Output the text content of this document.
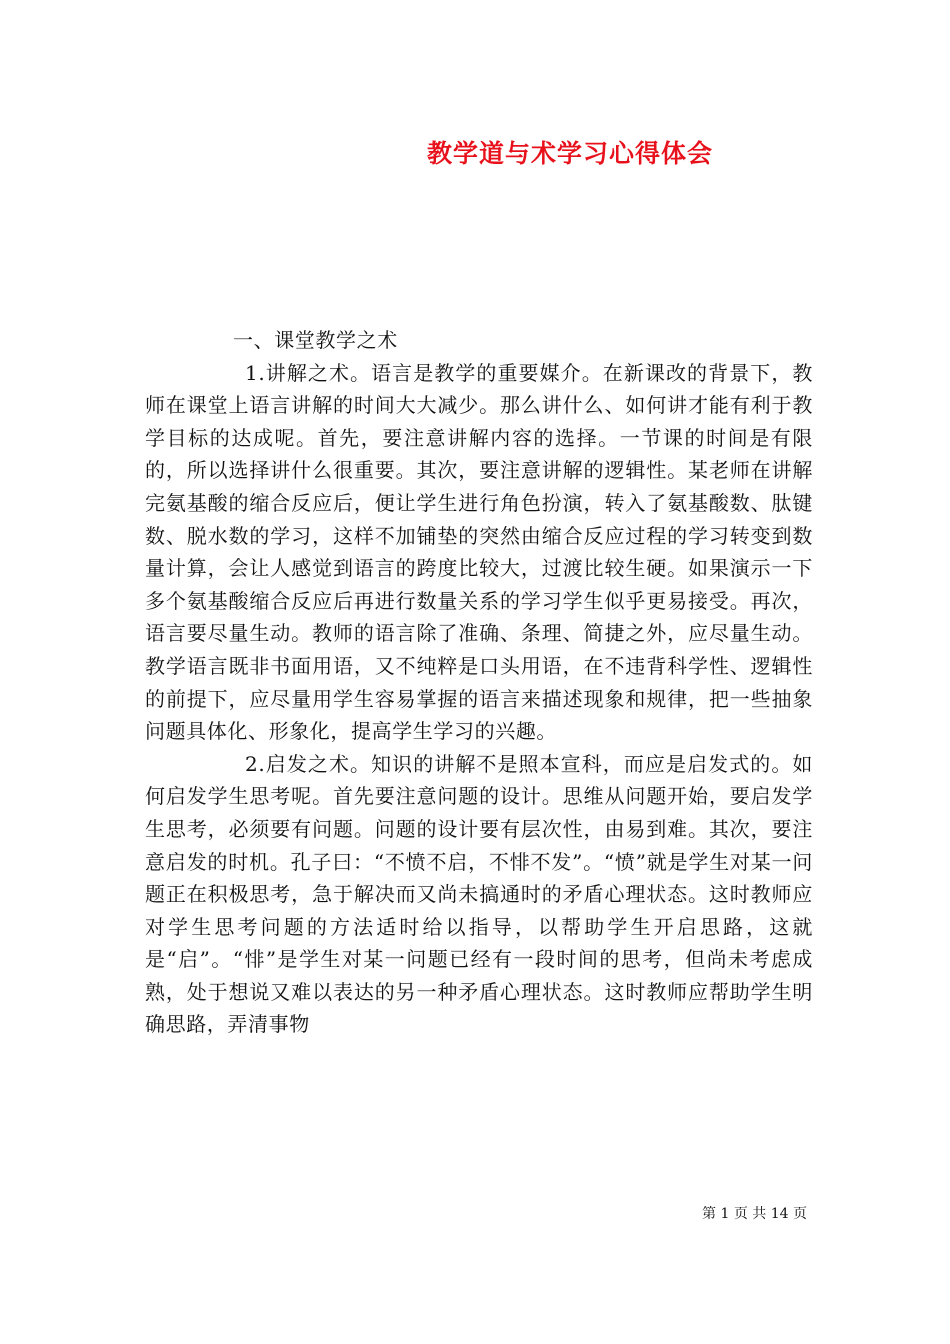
教学道与术学习心得体会
一、课堂教学之术

1.讲解之术。语言是教学的重要媒介。在新课改的背景下，教师在课堂上语言讲解的时间大大减少。那么讲什么、如何讲才能有利于教学目标的达成呢。首先，要注意讲解内容的选择。一节课的时间是有限的，所以选择讲什么很重要。其次，要注意讲解的逻辑性。某老师在讲解完氨基酸的缩合反应后，便让学生进行角色扮演，转入了氨基酸数、肽键数、脱水数的学习，这样不加铺垫的突然由缩合反应过程的学习转变到数量计算，会让人感觉到语言的跨度比较大，过渡比较生硬。如果演示一下多个氨基酸缩合反应后再进行数量关系的学习学生似乎更易接受。再次，语言要尽量生动。教师的语言除了准确、条理、简捷之外，应尽量生动。教学语言既非书面用语，又不纯粹是口头用语，在不违背科学性、逻辑性的前提下，应尽量用学生容易掌握的语言来描述现象和规律，把一些抽象问题具体化、形象化，提高学生学习的兴趣。

2.启发之术。知识的讲解不是照本宣科，而应是启发式的。如何启发学生思考呢。首先要注意问题的设计。思维从问题开始，要启发学生思考，必须要有问题。问题的设计要有层次性，由易到难。其次，要注意启发的时机。孔子曰：“不愤不启，不悱不发”。“愤”就是学生对某一问题正在积极思考，急于解决而又尚未搞通时的矛盾心理状态。这时教师应对学生思考问题的方法适时给以指导，以帮助学生开启思路，这就是“启”。“悱”是学生对某一问题已经有一段时间的思考，但尚未考虑成熟，处于想说又难以表达的另一种矛盾心理状态。这时教师应帮助学生明确思路，弄清事物

第 1 页 共 14 页
